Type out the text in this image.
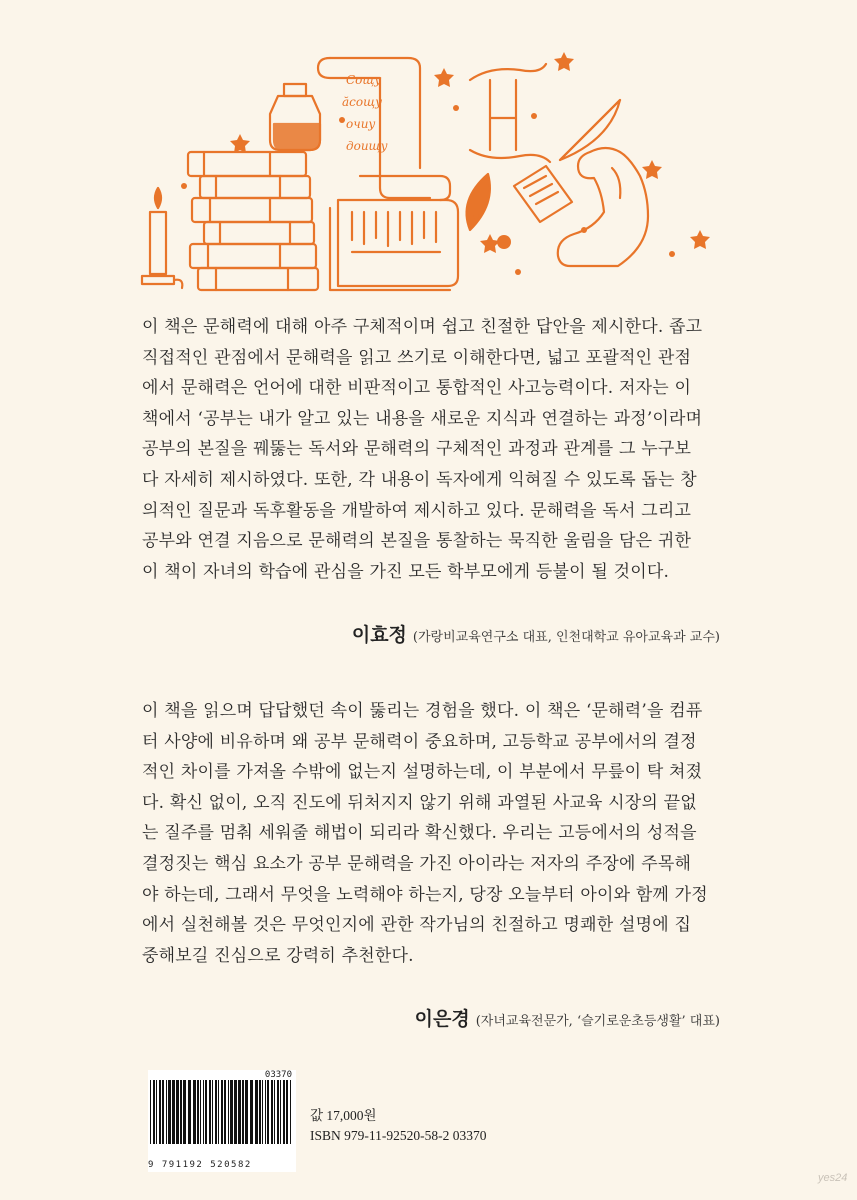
Сощу
ӑсощу
очиу
доищу

이 책은 문해력에 대해 아주 구체적이며 쉽고 친절한 답안을 제시한다. 좁고

직접적인 관점에서 문해력을 읽고 쓰기로 이해한다면, 넓고 포괄적인 관점

에서 문해력은 언어에 대한 비판적이고 통합적인 사고능력이다. 저자는 이

책에서 ‘공부는 내가 알고 있는 내용을 새로운 지식과 연결하는 과정’이라며

공부의 본질을 꿰뚫는 독서와 문해력의 구체적인 과정과 관계를 그 누구보

다 자세히 제시하였다. 또한, 각 내용이 독자에게 익혀질 수 있도록 돕는 창

의적인 질문과 독후활동을 개발하여 제시하고 있다. 문해력을 독서 그리고

공부와 연결 지음으로 문해력의 본질을 통찰하는 묵직한 울림을 담은 귀한

이 책이 자녀의 학습에 관심을 가진 모든 학부모에게 등불이 될 것이다.

이효정 (가랑비교육연구소 대표, 인천대학교 유아교육과 교수)

이 책을 읽으며 답답했던 속이 뚫리는 경험을 했다. 이 책은 ‘문해력’을 컴퓨

터 사양에 비유하며 왜 공부 문해력이 중요하며, 고등학교 공부에서의 결정

적인 차이를 가져올 수밖에 없는지 설명하는데, 이 부분에서 무릎이 탁 쳐졌

다. 확신 없이, 오직 진도에 뒤처지지 않기 위해 과열된 사교육 시장의 끝없

는 질주를 멈춰 세워줄 해법이 되리라 확신했다. 우리는 고등에서의 성적을

결정짓는 핵심 요소가 공부 문해력을 가진 아이라는 저자의 주장에 주목해

야 하는데, 그래서 무엇을 노력해야 하는지, 당장 오늘부터 아이와 함께 가정

에서 실천해볼 것은 무엇인지에 관한 작가님의 친절하고 명쾌한 설명에 집

중해보길 진심으로 강력히 추천한다.

이은경 (자녀교육전문가, ‘슬기로운초등생활’ 대표)
03370
9 791192 520582
값 17,000원
ISBN 979-11-92520-58-2 03370
yes24
